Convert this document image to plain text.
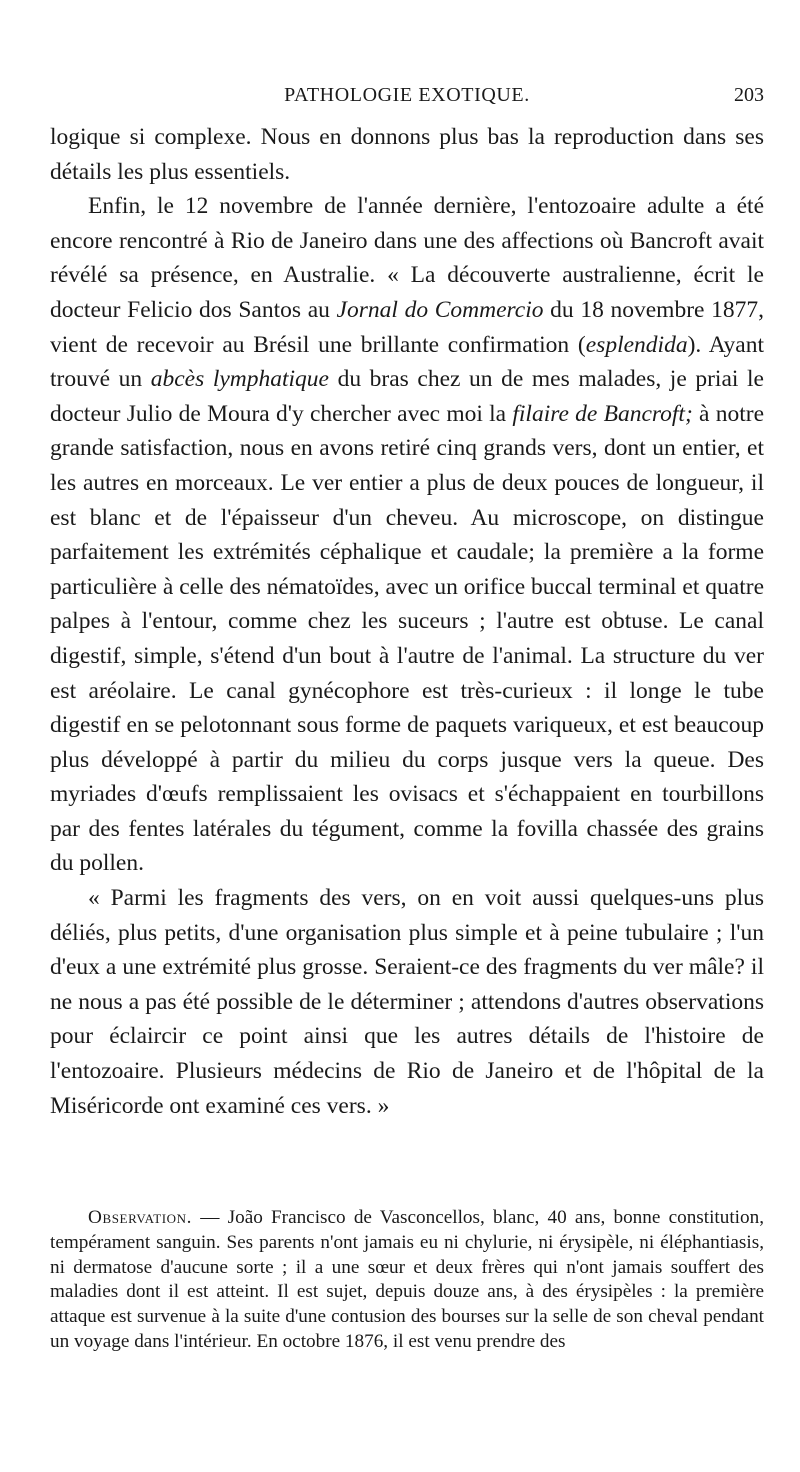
PATHOLOGIE EXOTIQUE.	203

logique si complexe. Nous en donnons plus bas la reproduction dans ses détails les plus essentiels.

Enfin, le 12 novembre de l'année dernière, l'entozoaire adulte a été encore rencontré à Rio de Janeiro dans une des affections où Bancroft avait révélé sa présence, en Australie. « La découverte australienne, écrit le docteur Felicio dos Santos au Jornal do Commercio du 18 novembre 1877, vient de recevoir au Brésil une brillante confirmation (esplendida). Ayant trouvé un abcès lymphatique du bras chez un de mes malades, je priai le docteur Julio de Moura d'y chercher avec moi la filaire de Bancroft; à notre grande satisfaction, nous en avons retiré cinq grands vers, dont un entier, et les autres en morceaux. Le ver entier a plus de deux pouces de longueur, il est blanc et de l'épaisseur d'un cheveu. Au microscope, on distingue parfaitement les extrémités céphalique et caudale; la première a la forme particulière à celle des nématoïdes, avec un orifice buccal terminal et quatre palpes à l'entour, comme chez les suceurs ; l'autre est obtuse. Le canal digestif, simple, s'étend d'un bout à l'autre de l'animal. La structure du ver est aréolaire. Le canal gynécophore est très-curieux : il longe le tube digestif en se pelotonnant sous forme de paquets variqueux, et est beaucoup plus développé à partir du milieu du corps jusque vers la queue. Des myriades d'œufs remplissaient les ovisacs et s'échappaient en tourbillons par des fentes latérales du tégument, comme la fovilla chassée des grains du pollen.

« Parmi les fragments des vers, on en voit aussi quelques-uns plus déliés, plus petits, d'une organisation plus simple et à peine tubulaire ; l'un d'eux a une extrémité plus grosse. Seraient-ce des fragments du ver mâle? il ne nous a pas été possible de le déterminer ; attendons d'autres observations pour éclaircir ce point ainsi que les autres détails de l'histoire de l'entozoaire. Plusieurs médecins de Rio de Janeiro et de l'hôpital de la Miséricorde ont examiné ces vers. »

Observation. — João Francisco de Vasconcellos, blanc, 40 ans, bonne constitution, tempérament sanguin. Ses parents n'ont jamais eu ni chylurie, ni érysipèle, ni éléphantiasis, ni dermatose d'aucune sorte ; il a une sœur et deux frères qui n'ont jamais souffert des maladies dont il est atteint. Il est sujet, depuis douze ans, à des érysipèles : la première attaque est survenue à la suite d'une contusion des bourses sur la selle de son cheval pendant un voyage dans l'intérieur. En octobre 1876, il est venu prendre des
